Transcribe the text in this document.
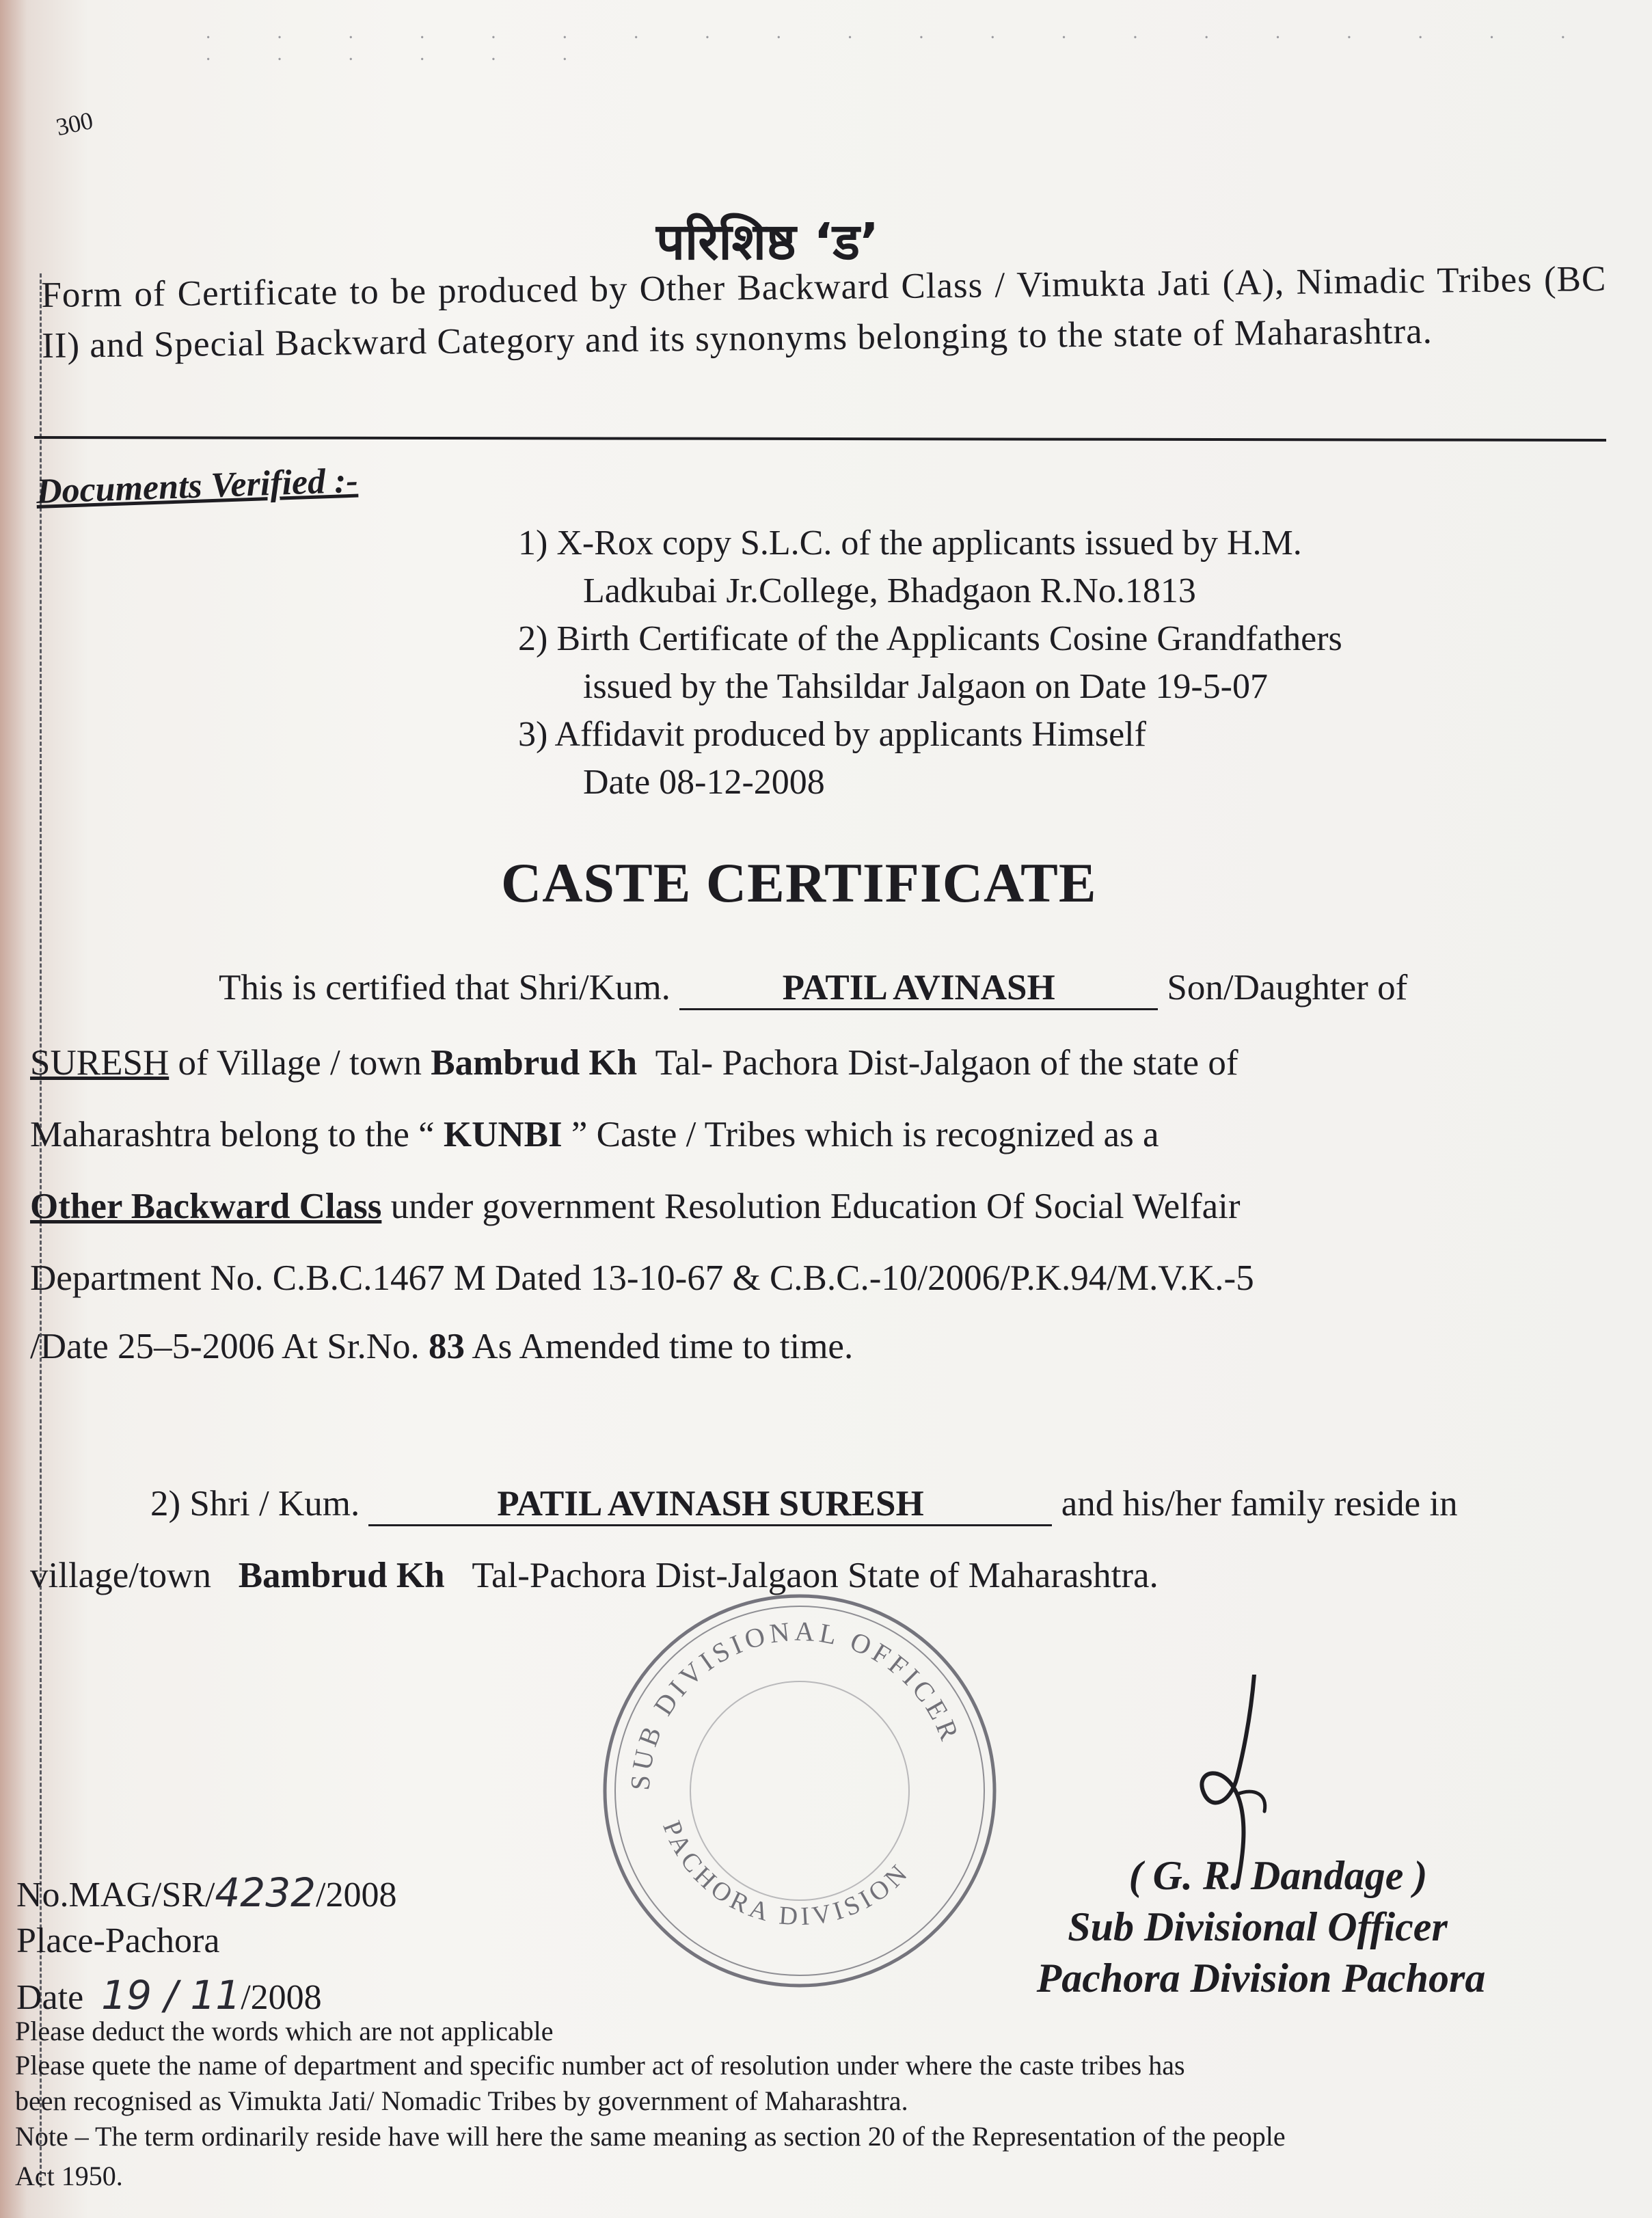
· · · · · · · · · · · · · · · · · · · · · · · · · ·
300
परिशिष्ठ ‘ड’
Form of Certificate to be produced by Other Backward Class / Vimukta Jati (A), Nimadic Tribes (BC II) and Special Backward Category and its synonyms belonging to the state of Maharashtra.
Documents Verified :-
1) X-Rox copy S.L.C. of the applicants issued by H.M.
Ladkubai Jr.College, Bhadgaon R.No.1813
2) Birth Certificate of the Applicants Cosine Grandfathers
issued by the Tahsildar Jalgaon on Date 19-5-07
3) Affidavit produced by applicants Himself
Date 08-12-2008
CASTE CERTIFICATE
This is certified that Shri/Kum.	PATIL AVINASH	Son/Daughter of
SURESH of Village / town Bambrud Kh Tal- Pachora Dist-Jalgaon of the state of
Maharashtra belong to the “ KUNBI ” Caste / Tribes which is recognized as a
Other Backward Class under government Resolution Education Of Social Welfair
Department No. C.B.C.1467 M Dated 13-10-67 & C.B.C.-10/2006/P.K.94/M.V.K.-5
/Date 25–5-2006 At Sr.No. 83 As Amended time to time.
2) Shri / Kum.	PATIL AVINASH SURESH	and his/her family reside in
village/town Bambrud Kh Tal-Pachora Dist-Jalgaon State of Maharashtra.
SUB DIVISIONAL OFFICER
PACHORA DIVISION
No.MAG/SR/4232/2008
Place-Pachora
Date 19 / 11/2008
( G. R. Dandage )
Sub Divisional Officer
Pachora Division Pachora
Please deduct the words which are not applicable
Please quete the name of department and specific number act of resolution under where the caste tribes has
been recognised as Vimukta Jati/ Nomadic Tribes by government of Maharashtra.
Note – The term ordinarily reside have will here the same meaning as section 20 of the Representation of the people
Act 1950.
